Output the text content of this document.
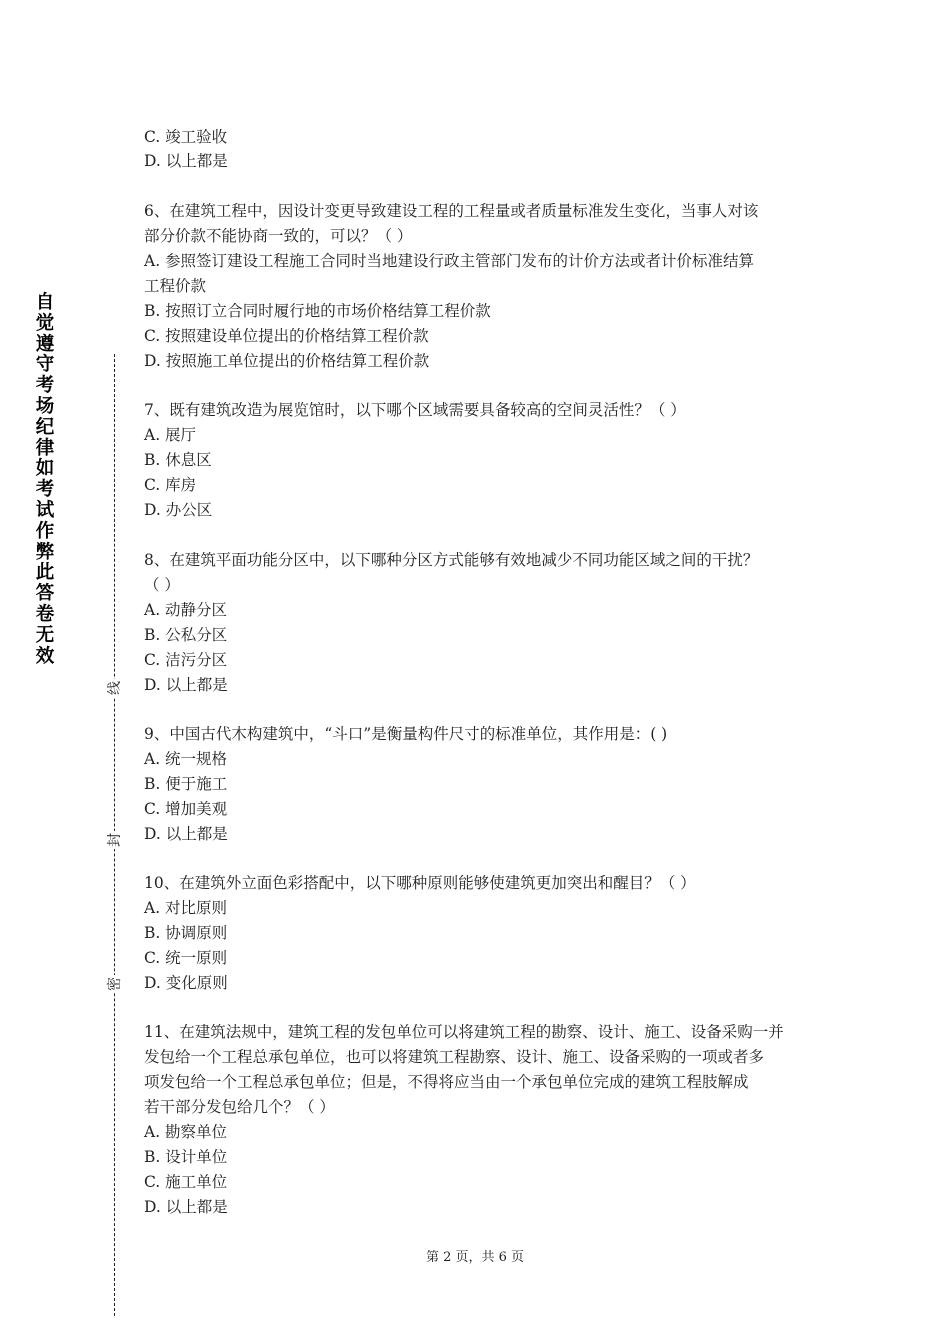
自
觉
遵
守
考
场
纪
律
如
考
试
作
弊
此
答
卷
无
效
线
封
密
C. 竣工验收
D. 以上都是
6、在建筑工程中，因设计变更导致建设工程的工程量或者质量标准发生变化，当事人对该
部分价款不能协商一致的，可以？（ ）
A. 参照签订建设工程施工合同时当地建设行政主管部门发布的计价方法或者计价标准结算
工程价款
B. 按照订立合同时履行地的市场价格结算工程价款
C. 按照建设单位提出的价格结算工程价款
D. 按照施工单位提出的价格结算工程价款
7、既有建筑改造为展览馆时，以下哪个区域需要具备较高的空间灵活性？（ ）
A. 展厅
B. 休息区
C. 库房
D. 办公区
8、在建筑平面功能分区中，以下哪种分区方式能够有效地减少不同功能区域之间的干扰？
（ ）
A. 动静分区
B. 公私分区
C. 洁污分区
D. 以上都是
9、中国古代木构建筑中，“斗口”是衡量构件尺寸的标准单位，其作用是：( )
A. 统一规格
B. 便于施工
C. 增加美观
D. 以上都是
10、在建筑外立面色彩搭配中，以下哪种原则能够使建筑更加突出和醒目？（ ）
A. 对比原则
B. 协调原则
C. 统一原则
D. 变化原则
11、在建筑法规中，建筑工程的发包单位可以将建筑工程的勘察、设计、施工、设备采购一并
发包给一个工程总承包单位，也可以将建筑工程勘察、设计、施工、设备采购的一项或者多
项发包给一个工程总承包单位；但是，不得将应当由一个承包单位完成的建筑工程肢解成
若干部分发包给几个？（ ）
A. 勘察单位
B. 设计单位
C. 施工单位
D. 以上都是
第 2 页，共 6 页
